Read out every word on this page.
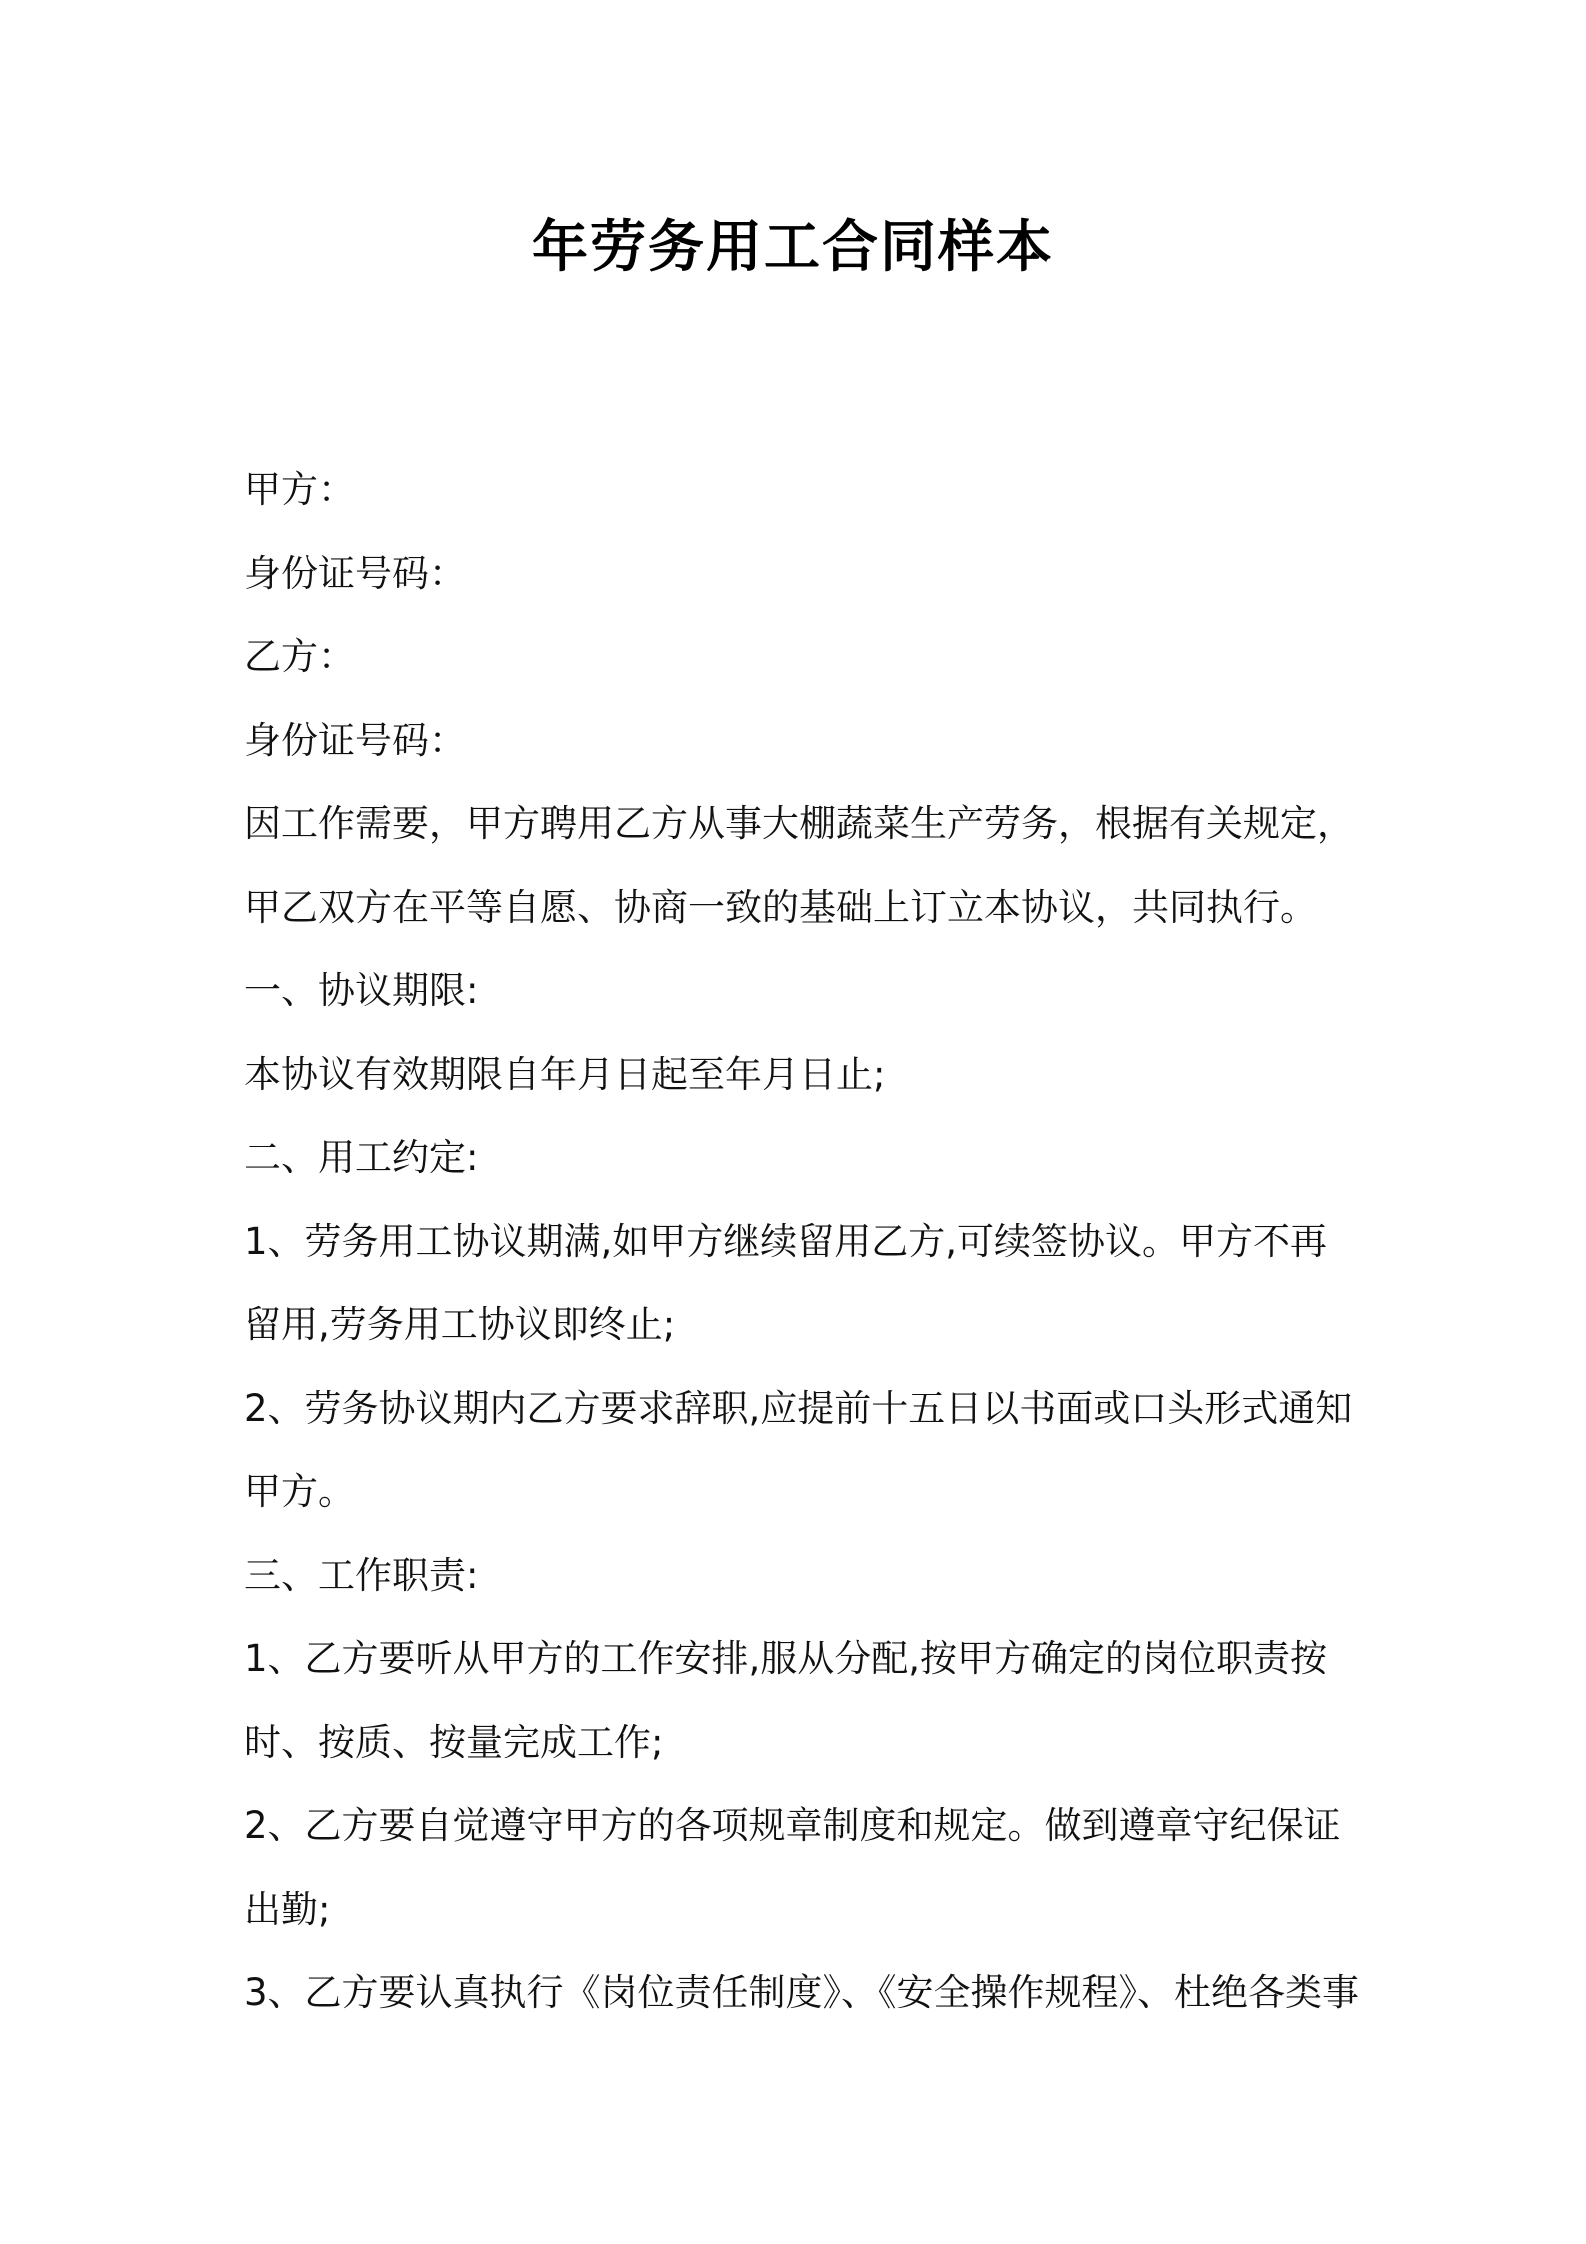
年劳务用工合同样本
甲方：
身份证号码：
乙方：
身份证号码：
因工作需要，甲方聘用乙方从事大棚蔬菜生产劳务，根据有关规定，
甲乙双方在平等自愿、协商一致的基础上订立本协议，共同执行。
一、协议期限:
本协议有效期限自年月日起至年月日止;
二、用工约定:
1、劳务用工协议期满,如甲方继续留用乙方,可续签协议。甲方不再
留用,劳务用工协议即终止;
2、劳务协议期内乙方要求辞职,应提前十五日以书面或口头形式通知
甲方。
三、工作职责:
1、乙方要听从甲方的工作安排,服从分配,按甲方确定的岗位职责按
时、按质、按量完成工作;
2、乙方要自觉遵守甲方的各项规章制度和规定。做到遵章守纪保证
出勤;
3、乙方要认真执行《岗位责任制度》、《安全操作规程》、杜绝各类事
